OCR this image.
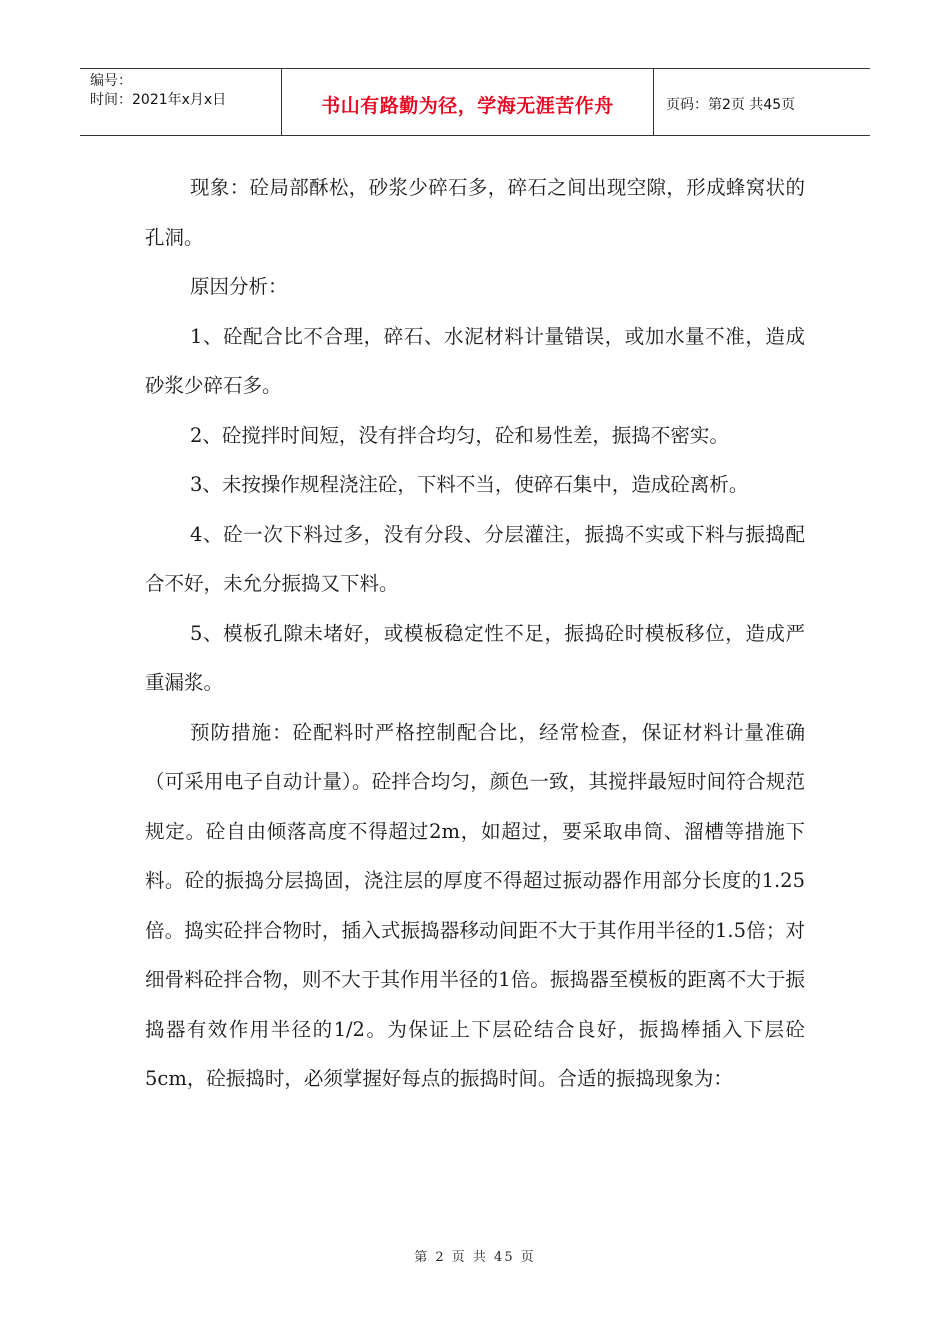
编号：
时间：2021年x月x日	书山有路勤为径，学海无涯苦作舟	页码：第2页 共45页

现象：砼局部酥松，砂浆少碎石多，碎石之间出现空隙，形成蜂窝状的孔洞。

原因分析：

1、砼配合比不合理，碎石、水泥材料计量错误，或加水量不准，造成砂浆少碎石多。

2、砼搅拌时间短，没有拌合均匀，砼和易性差，振捣不密实。

3、未按操作规程浇注砼，下料不当，使碎石集中，造成砼离析。

4、砼一次下料过多，没有分段、分层灌注，振捣不实或下料与振捣配合不好，未允分振捣又下料。

5、模板孔隙未堵好，或模板稳定性不足，振捣砼时模板移位，造成严重漏浆。

预防措施：砼配料时严格控制配合比，经常检查，保证材料计量准确（可采用电子自动计量）。砼拌合均匀，颜色一致，其搅拌最短时间符合规范规定。砼自由倾落高度不得超过2m，如超过，要采取串筒、溜槽等措施下料。砼的振捣分层捣固，浇注层的厚度不得超过振动器作用部分长度的1.25倍。捣实砼拌合物时，插入式振捣器移动间距不大于其作用半径的1.5倍；对细骨料砼拌合物，则不大于其作用半径的1倍。振捣器至模板的距离不大于振捣器有效作用半径的1/2。为保证上下层砼结合良好，振捣棒插入下层砼5cm，砼振捣时，必须掌握好每点的振捣时间。合适的振捣现象为：

第 2 页 共 45 页
